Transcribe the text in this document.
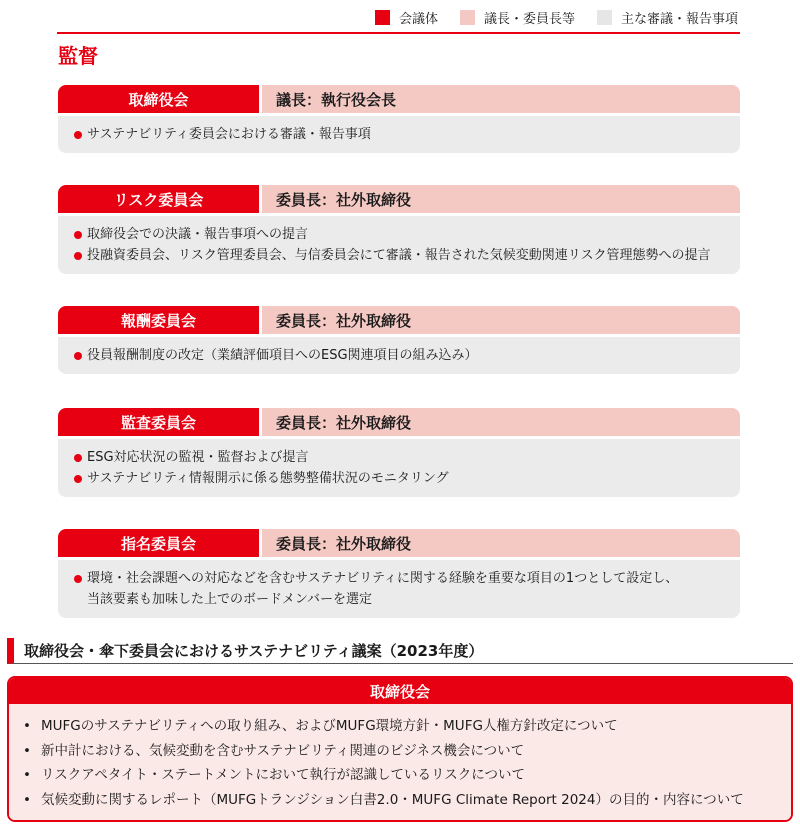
会議体	議長・委員長等	主な審議・報告事項
監督
取締役会	議長：執行役会長
サステナビリティ委員会における審議・報告事項
リスク委員会	委員長：社外取締役
取締役会での決議・報告事項への提言
投融資委員会、リスク管理委員会、与信委員会にて審議・報告された気候変動関連リスク管理態勢への提言
報酬委員会	委員長：社外取締役
役員報酬制度の改定（業績評価項目へのESG関連項目の組み込み）
監査委員会	委員長：社外取締役
ESG対応状況の監視・監督および提言
サステナビリティ情報開示に係る態勢整備状況のモニタリング
指名委員会	委員長：社外取締役
環境・社会課題への対応などを含むサステナビリティに関する経験を重要な項目の1つとして設定し、
当該要素も加味した上でのボードメンバーを選定
取締役会・傘下委員会におけるサステナビリティ議案（2023年度）
取締役会
• MUFGのサステナビリティへの取り組み、およびMUFG環境方針・MUFG人権方針改定について
• 新中計における、気候変動を含むサステナビリティ関連のビジネス機会について
• リスクアペタイト・ステートメントにおいて執行が認識しているリスクについて
• 気候変動に関するレポート（MUFGトランジション白書2.0・MUFG Climate Report 2024）の目的・内容について
